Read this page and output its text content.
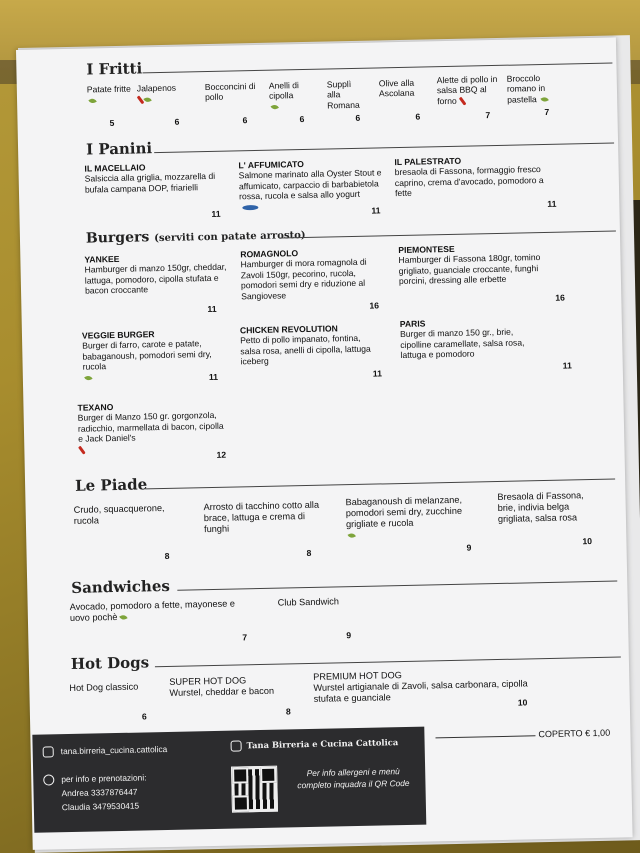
I Fritti
Patate fritte

5
Jalapenos

6
Bocconcini di pollo
6
Anelli di cipolla

6
Supplì alla Romana
6
Olive alla Ascolana
6
Alette di pollo in salsa BBQ al forno
7
Broccolo romano in pastella
7
I Panini
IL MACELLAIO
Salsiccia alla griglia, mozzarella di bufala campana DOP, friarielli
11
L' AFFUMICATO
Salmone marinato alla Oyster Stout e affumicato, carpaccio di barbabietola rossa, rucola e salsa allo yogurt
11
IL PALESTRATO
bresaola di Fassona, formaggio fresco caprino, crema d'avocado, pomodoro a fette
11
Burgers (serviti con patate arrosto)
YANKEE
Hamburger di manzo 150gr, cheddar, lattuga, pomodoro, cipolla stufata e bacon croccante
11
ROMAGNOLO
Hamburger di mora romagnola di Zavoli 150gr, pecorino, rucola, pomodori semi dry e riduzione al Sangiovese
16
PIEMONTESE
Hamburger di Fassona 180gr, tomino grigliato, guanciale croccante, funghi porcini, dressing alle erbette
16
VEGGIE BURGER
Burger di farro, carote e patate, babaganoush, pomodori semi dry, rucola
11
CHICKEN REVOLUTION
Petto di pollo impanato, fontina, salsa rosa, anelli di cipolla, lattuga iceberg
11
PARIS
Burger di manzo 150 gr., brie, cipolline caramellate, salsa rosa, lattuga e pomodoro
11
TEXANO
Burger di Manzo 150 gr. gorgonzola, radicchio, marmellata di bacon, cipolla e Jack Daniel's
12
Le Piade
Crudo, squacquerone, rucola
8
Arrosto di tacchino cotto alla brace, lattuga e crema di funghi
8
Babaganoush di melanzane, pomodori semi dry, zucchine grigliate e rucola

9
Bresaola di Fassona, brie, indivia belga grigliata, salsa rosa
10
Sandwiches
Avocado, pomodoro a fette, mayonese e uovo pochè
7
Club Sandwich
9
Hot Dogs
Hot Dog classico
6
SUPER HOT DOG
Wurstel, cheddar e bacon
8
PREMIUM HOT DOG
Wurstel artigianale di Zavoli, salsa carbonara, cipolla stufata e guanciale	10
COPERTO € 1,00
tana.birreria_cucina.cattolica	Tana Birreria e Cucina Cattolica
per info e prenotazioni:
Andrea 3337876447
Claudia 3479530415
Per info allergeni e menù completo inquadra il QR Code
